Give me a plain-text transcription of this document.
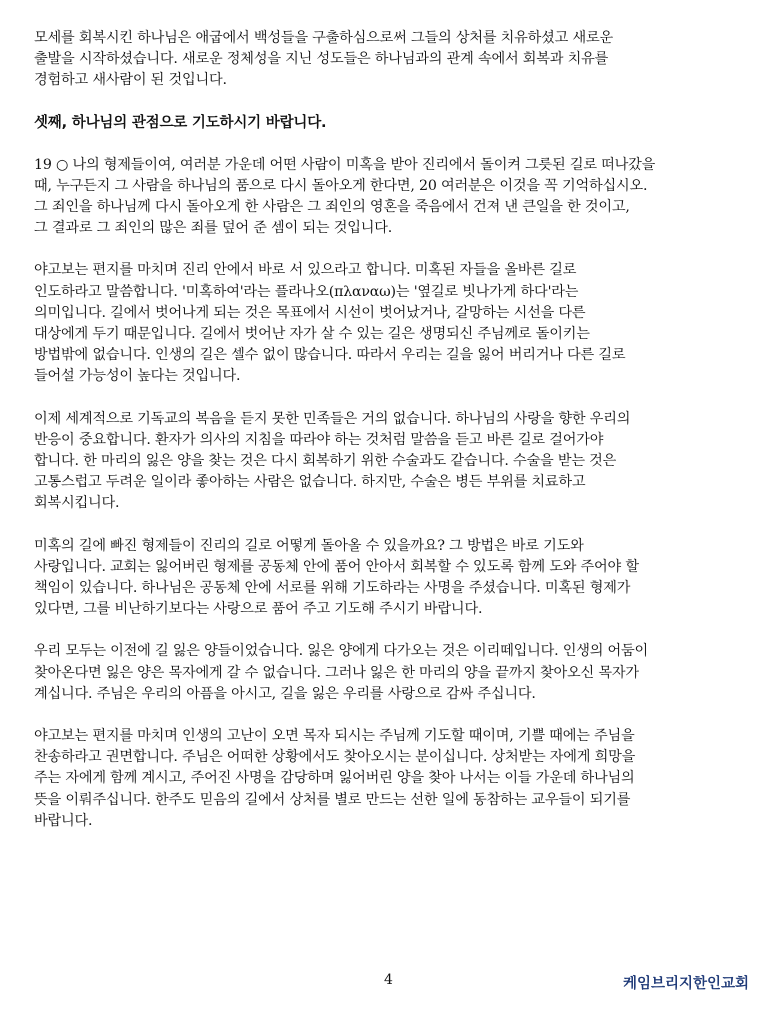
모세를 회복시킨 하나님은 애굽에서 백성들을 구출하심으로써 그들의 상처를 치유하셨고 새로운
출발을 시작하셨습니다. 새로운 정체성을 지닌 성도들은 하나님과의 관계 속에서 회복과 치유를
경험하고 새사람이 된 것입니다.
셋째, 하나님의 관점으로 기도하시기 바랍니다.
19 ○ 나의 형제들이여, 여러분 가운데 어떤 사람이 미혹을 받아 진리에서 돌이켜 그릇된 길로 떠나갔을
때, 누구든지 그 사람을 하나님의 품으로 다시 돌아오게 한다면, 20 여러분은 이것을 꼭 기억하십시오.
그 죄인을 하나님께 다시 돌아오게 한 사람은 그 죄인의 영혼을 죽음에서 건져 낸 큰일을 한 것이고,
그 결과로 그 죄인의 많은 죄를 덮어 준 셈이 되는 것입니다.
야고보는 편지를 마치며 진리 안에서 바로 서 있으라고 합니다. 미혹된 자들을 올바른 길로
인도하라고 말씀합니다. '미혹하여'라는 플라나오(πλαναω)는 '옆길로 빗나가게 하다'라는
의미입니다. 길에서 벗어나게 되는 것은 목표에서 시선이 벗어났거나, 갈망하는 시선을 다른
대상에게 두기 때문입니다. 길에서 벗어난 자가 살 수 있는 길은 생명되신 주님께로 돌이키는
방법밖에 없습니다. 인생의 길은 셀수 없이 많습니다. 따라서 우리는 길을 잃어 버리거나 다른 길로
들어설 가능성이 높다는 것입니다.
이제 세계적으로 기독교의 복음을 듣지 못한 민족들은 거의 없습니다. 하나님의 사랑을 향한 우리의
반응이 중요합니다. 환자가 의사의 지침을 따라야 하는 것처럼 말씀을 듣고 바른 길로 걸어가야
합니다. 한 마리의 잃은 양을 찾는 것은 다시 회복하기 위한 수술과도 같습니다. 수술을 받는 것은
고통스럽고 두려운 일이라 좋아하는 사람은 없습니다. 하지만, 수술은 병든 부위를 치료하고
회복시킵니다.
미혹의 길에 빠진 형제들이 진리의 길로 어떻게 돌아올 수 있을까요? 그 방법은 바로 기도와
사랑입니다. 교회는 잃어버린 형제를 공동체 안에 품어 안아서 회복할 수 있도록 함께 도와 주어야 할
책임이 있습니다. 하나님은 공동체 안에 서로를 위해 기도하라는 사명을 주셨습니다. 미혹된 형제가
있다면, 그를 비난하기보다는 사랑으로 품어 주고 기도해 주시기 바랍니다.
우리 모두는 이전에 길 잃은 양들이었습니다. 잃은 양에게 다가오는 것은 이리떼입니다. 인생의 어둠이
찾아온다면 잃은 양은 목자에게 갈 수 없습니다. 그러나 잃은 한 마리의 양을 끝까지 찾아오신 목자가
계십니다. 주님은 우리의 아픔을 아시고, 길을 잃은 우리를 사랑으로 감싸 주십니다.
야고보는 편지를 마치며 인생의 고난이 오면 목자 되시는 주님께 기도할 때이며, 기쁠 때에는 주님을
찬송하라고 권면합니다. 주님은 어떠한 상황에서도 찾아오시는 분이십니다. 상처받는 자에게 희망을
주는 자에게 함께 계시고, 주어진 사명을 감당하며 잃어버린 양을 찾아 나서는 이들 가운데 하나님의
뜻을 이뤄주십니다. 한주도 믿음의 길에서 상처를 별로 만드는 선한 일에 동참하는 교우들이 되기를
바랍니다.
4	케임브리지한인교회
